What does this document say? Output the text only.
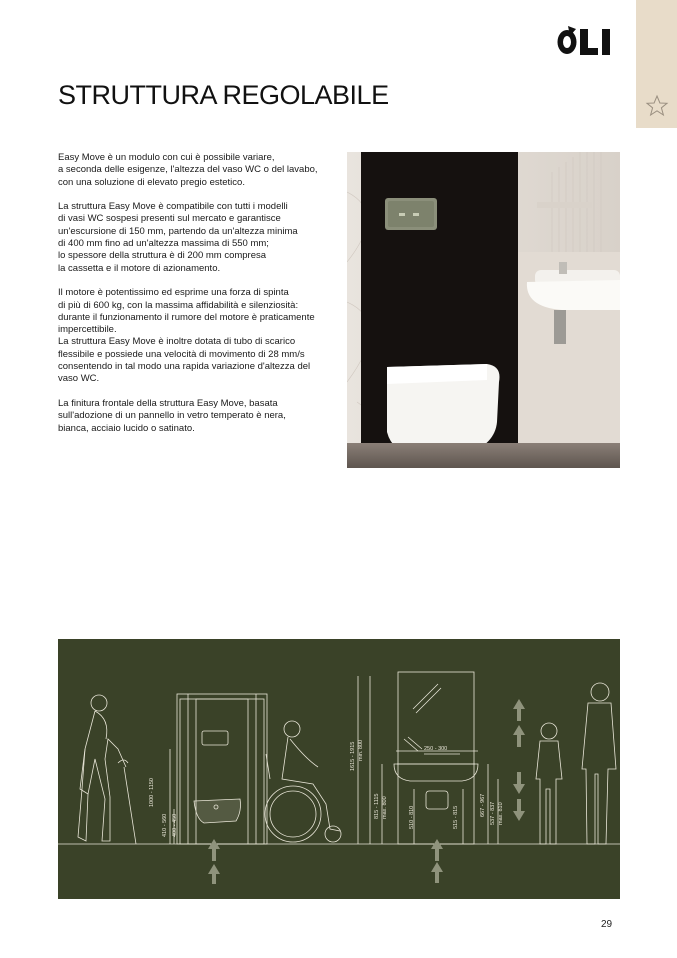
STRUTTURA REGOLABILE

Easy Move è un modulo con cui è possibile variare,
a seconda delle esigenze, l'altezza del vaso WC o del lavabo,
con una soluzione di elevato pregio estetico.

La struttura Easy Move è compatibile con tutti i modelli
di vasi WC sospesi presenti sul mercato e garantisce
un'escursione di 150 mm, partendo da un'altezza minima
di 400 mm fino ad un'altezza massima di 550 mm;
lo spessore della struttura è di 200 mm compresa
la cassetta e il motore di azionamento.

Il motore è potentissimo ed esprime una forza di spinta
di più di 600 kg, con la massima affidabilità e silenziosità:
durante il funzionamento il rumore del motore è praticamente
impercettibile.

La struttura Easy Move è inoltre dotata di tubo di scarico
flessibile e possiede una velocità di movimento di 28 mm/s
consentendo in tal modo una rapida variazione d'altezza del
vaso WC.

La finitura frontale della struttura Easy Move, basata
sull'adozione di un pannello in vetro temperato è nera,
bianca, acciaio lucido o satinato.

1000 - 1150
410 - 560 400 - 450
1615 - 1915 min. 800
815 - 1115 max. 800	510 - 810
250 - 300
515 - 815
667 - 967 537 - 837 max. 810
29
